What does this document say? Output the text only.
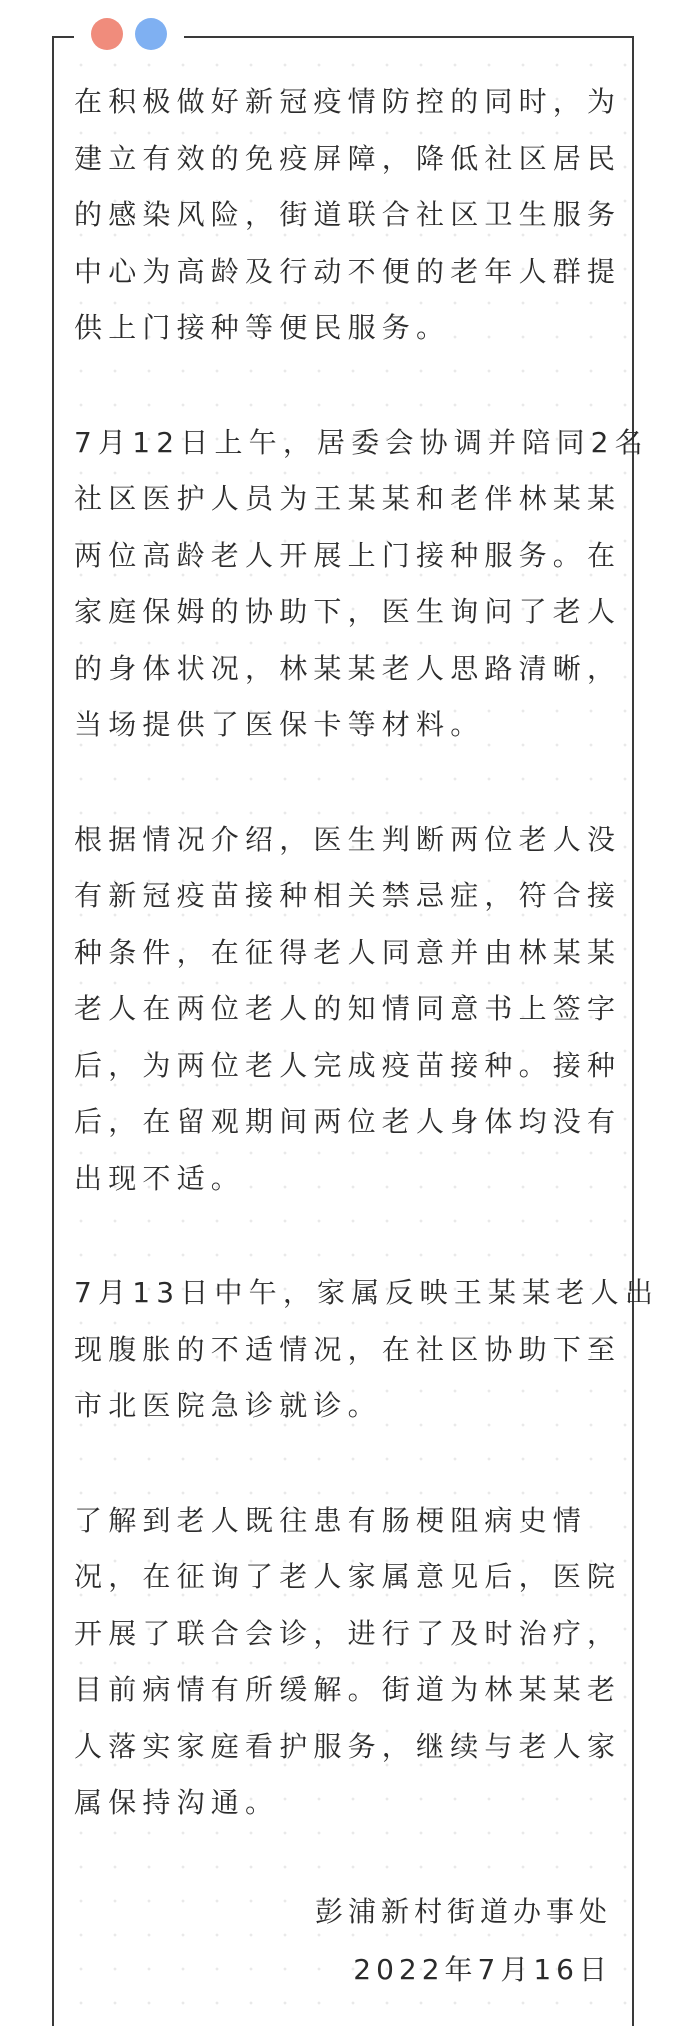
在积极做好新冠疫情防控的同时，为
建立有效的免疫屏障，降低社区居民
的感染风险，街道联合社区卫生服务
中心为高龄及行动不便的老年人群提
供上门接种等便民服务。

7月12日上午，居委会协调并陪同2名
社区医护人员为王某某和老伴林某某
两位高龄老人开展上门接种服务。在
家庭保姆的协助下，医生询问了老人
的身体状况，林某某老人思路清晰，
当场提供了医保卡等材料。

根据情况介绍，医生判断两位老人没
有新冠疫苗接种相关禁忌症，符合接
种条件，在征得老人同意并由林某某
老人在两位老人的知情同意书上签字
后，为两位老人完成疫苗接种。接种
后，在留观期间两位老人身体均没有
出现不适。

7月13日中午，家属反映王某某老人出
现腹胀的不适情况，在社区协助下至
市北医院急诊就诊。

了解到老人既往患有肠梗阻病史情
况，在征询了老人家属意见后，医院
开展了联合会诊，进行了及时治疗，
目前病情有所缓解。街道为林某某老
人落实家庭看护服务，继续与老人家
属保持沟通。

彭浦新村街道办事处
2022年7月16日
